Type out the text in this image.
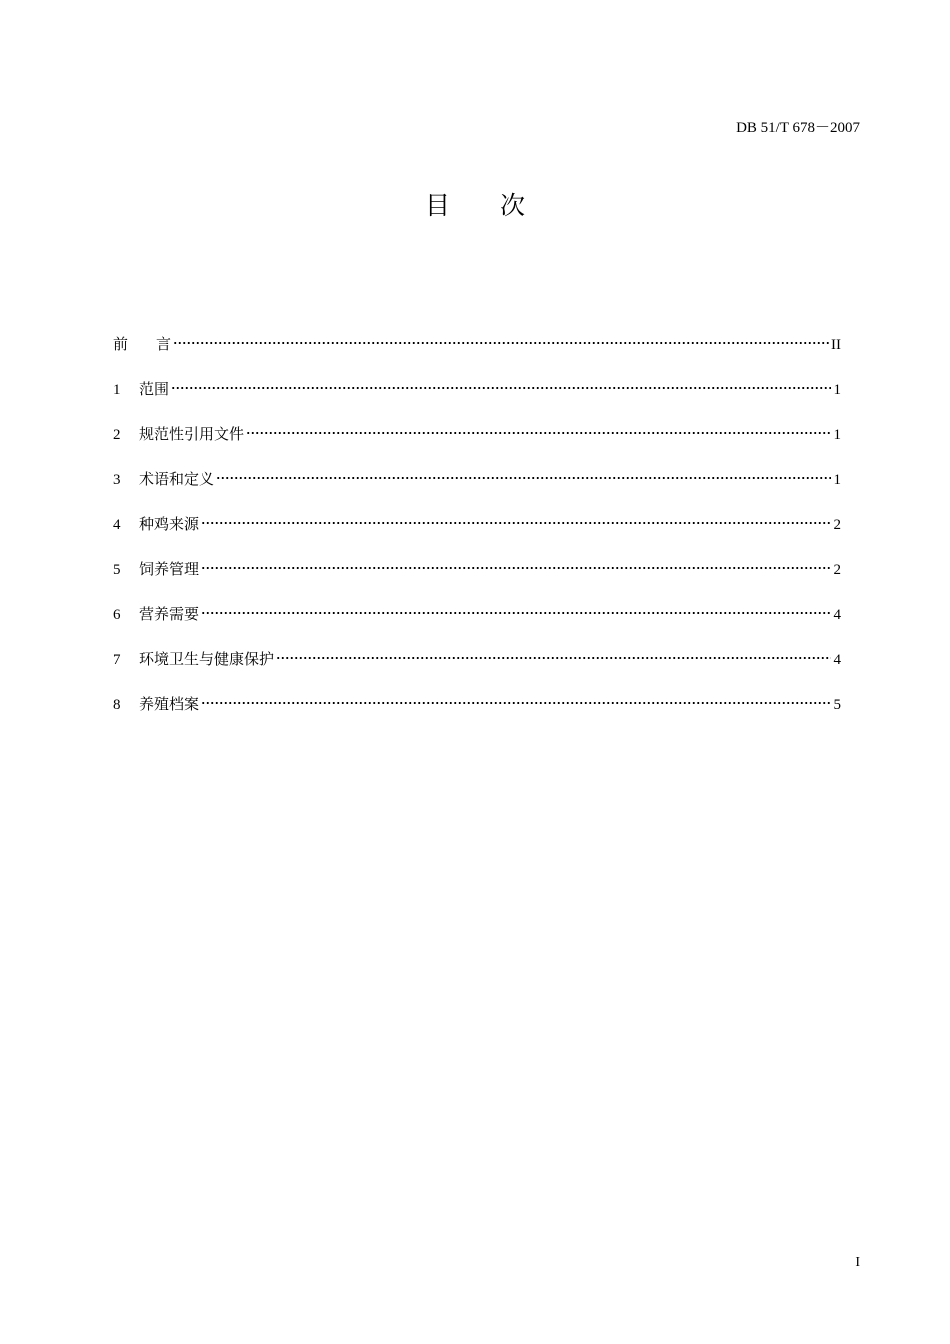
DB 51/T 678－2007
目次
前 言	II
1	范围	1
2	规范性引用文件	1
3	术语和定义	1
4	种鸡来源	2
5	饲养管理	2
6	营养需要	4
7	环境卫生与健康保护	4
8	养殖档案	5
I
